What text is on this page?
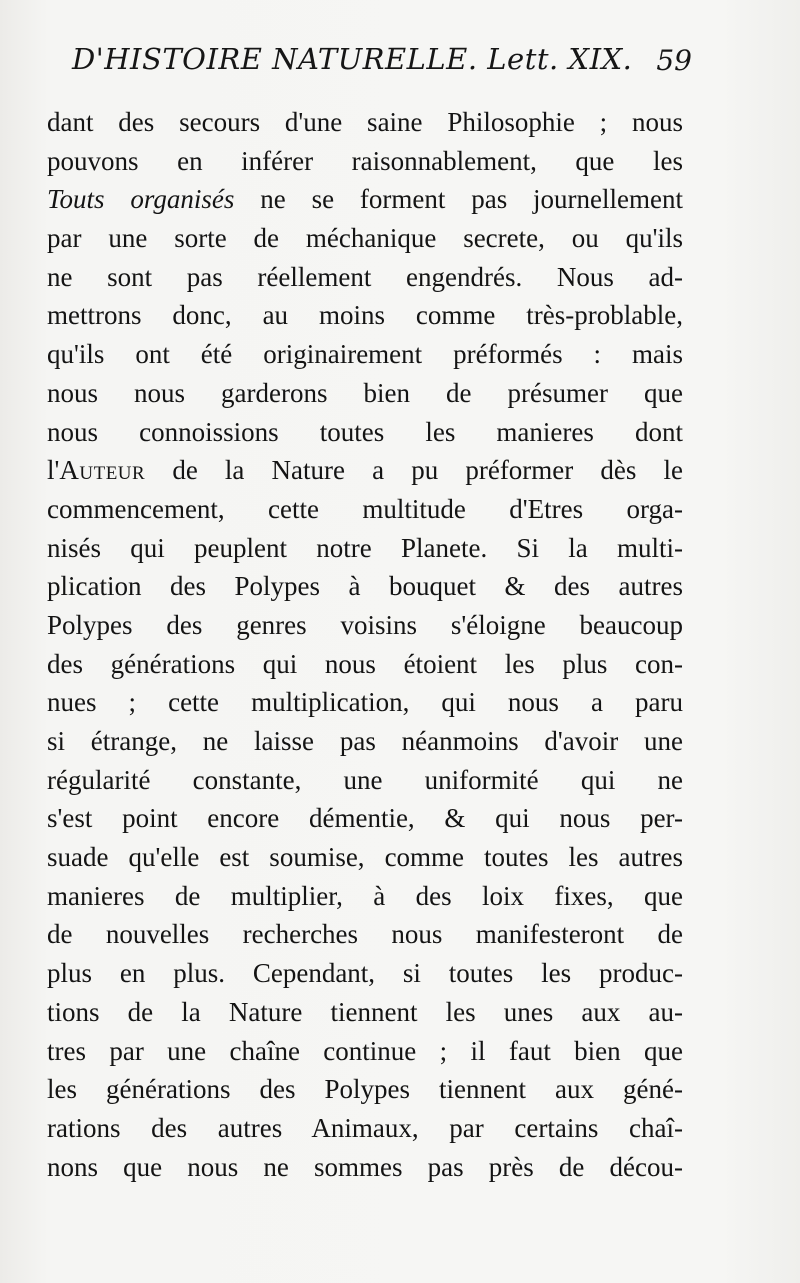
D'HISTOIRE NATURELLE. Lett. XIX. 59
dant des secours d'une saine Philosophie ; nous
pouvons en inférer raisonnablement, que les
Touts organisés ne se forment pas journellement
par une sorte de méchanique secrete, ou qu'ils
ne sont pas réellement engendrés. Nous ad-
mettrons donc, au moins comme très-problable,
qu'ils ont été originairement préformés : mais
nous nous garderons bien de présumer que
nous connoissions toutes les manieres dont
l'Auteur de la Nature a pu préformer dès le
commencement, cette multitude d'Etres orga-
nisés qui peuplent notre Planete. Si la multi-
plication des Polypes à bouquet & des autres
Polypes des genres voisins s'éloigne beaucoup
des générations qui nous étoient les plus con-
nues ; cette multiplication, qui nous a paru
si étrange, ne laisse pas néanmoins d'avoir une
régularité constante, une uniformité qui ne
s'est point encore démentie, & qui nous per-
suade qu'elle est soumise, comme toutes les autres
manieres de multiplier, à des loix fixes, que
de nouvelles recherches nous manifesteront de
plus en plus. Cependant, si toutes les produc-
tions de la Nature tiennent les unes aux au-
tres par une chaîne continue ; il faut bien que
les générations des Polypes tiennent aux géné-
rations des autres Animaux, par certains chaî-
nons que nous ne sommes pas près de décou-
